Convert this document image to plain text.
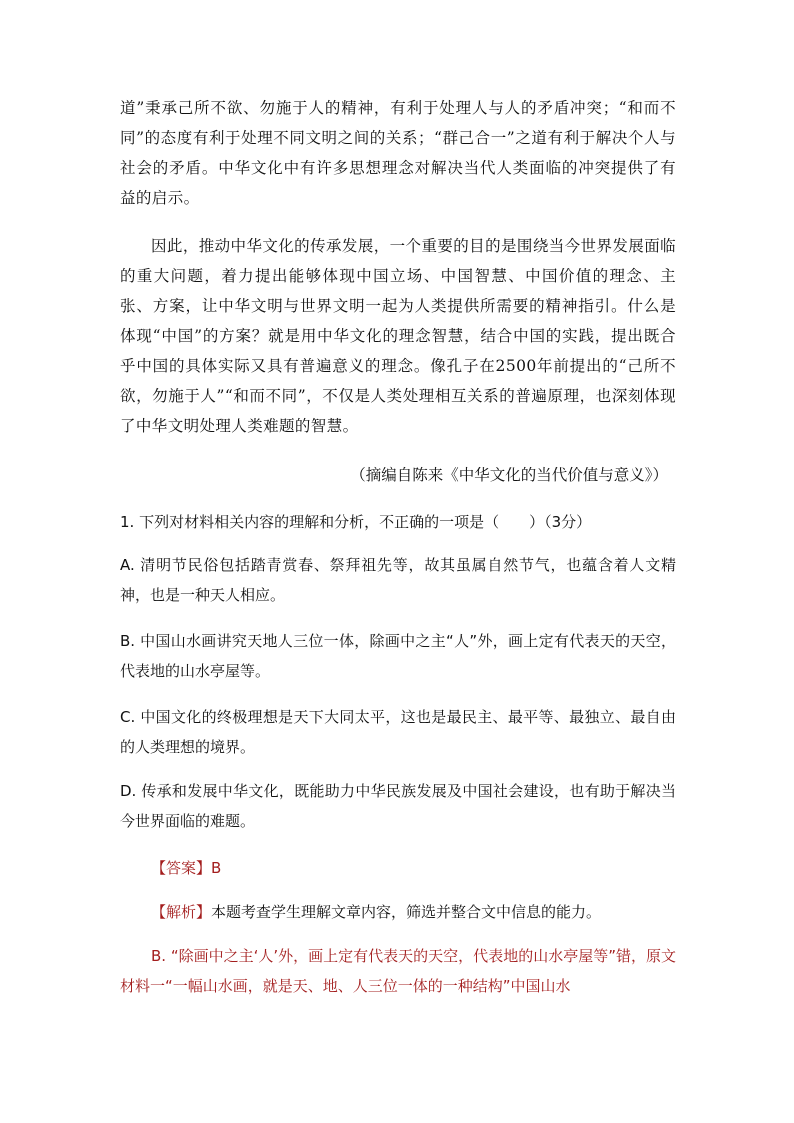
道”秉承己所不欲、勿施于人的精神，有利于处理人与人的矛盾冲突；“和而不同”的态度有利于处理不同文明之间的关系；“群己合一”之道有利于解决个人与社会的矛盾。中华文化中有许多思想理念对解决当代人类面临的冲突提供了有益的启示。

因此，推动中华文化的传承发展，一个重要的目的是围绕当今世界发展面临的重大问题，着力提出能够体现中国立场、中国智慧、中国价值的理念、主张、方案，让中华文明与世界文明一起为人类提供所需要的精神指引。什么是体现“中国”的方案？就是用中华文化的理念智慧，结合中国的实践，提出既合乎中国的具体实际又具有普遍意义的理念。像孔子在2500年前提出的“己所不欲，勿施于人”“和而不同”，不仅是人类处理相互关系的普遍原理，也深刻体现了中华文明处理人类难题的智慧。

（摘编自陈来《中华文化的当代价值与意义》）

1. 下列对材料相关内容的理解和分析，不正确的一项是（　　）（3分）

A. 清明节民俗包括踏青赏春、祭拜祖先等，故其虽属自然节气，也蕴含着人文精神，也是一种天人相应。

B. 中国山水画讲究天地人三位一体，除画中之主“人”外，画上定有代表天的天空，代表地的山水亭屋等。

C. 中国文化的终极理想是天下大同太平，这也是最民主、最平等、最独立、最自由的人类理想的境界。

D. 传承和发展中华文化，既能助力中华民族发展及中国社会建设，也有助于解决当今世界面临的难题。

【答案】B

【解析】本题考查学生理解文章内容，筛选并整合文中信息的能力。

B. “除画中之主‘人’外，画上定有代表天的天空，代表地的山水亭屋等”错，原文材料一“一幅山水画，就是天、地、人三位一体的一种结构”中国山水
